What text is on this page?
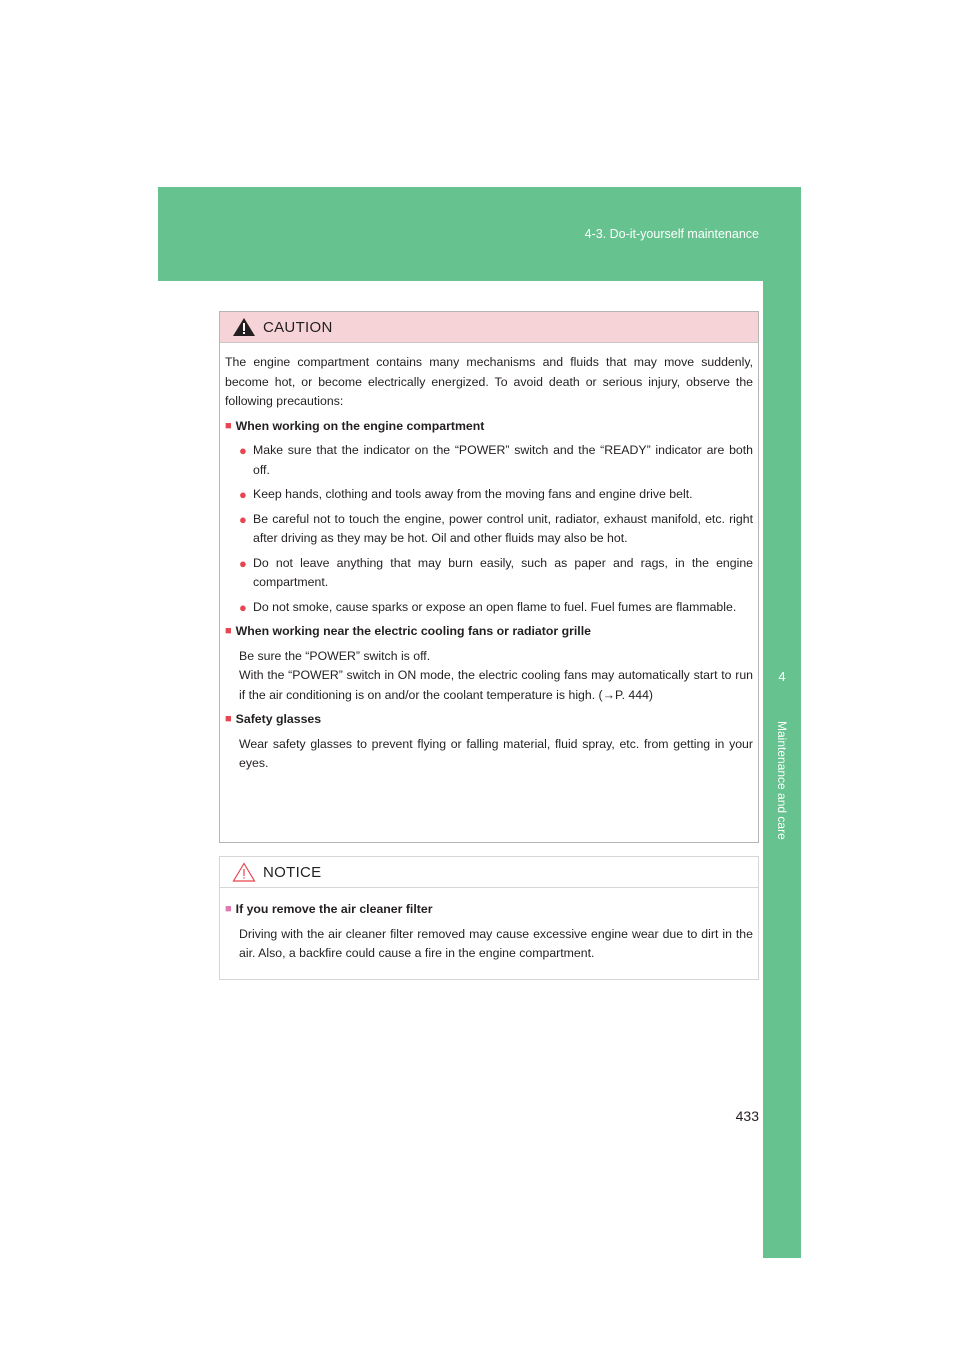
4-3. Do-it-yourself maintenance
4
Maintenance and care
CAUTION

The engine compartment contains many mechanisms and fluids that may move suddenly, become hot, or become electrically energized. To avoid death or serious injury, observe the following precautions:

■ When working on the engine compartment
● Make sure that the indicator on the “POWER” switch and the “READY” indicator are both off.
● Keep hands, clothing and tools away from the moving fans and engine drive belt.
● Be careful not to touch the engine, power control unit, radiator, exhaust manifold, etc. right after driving as they may be hot. Oil and other fluids may also be hot.
● Do not leave anything that may burn easily, such as paper and rags, in the engine compartment.
● Do not smoke, cause sparks or expose an open flame to fuel. Fuel fumes are flammable.
■ When working near the electric cooling fans or radiator grille

Be sure the “POWER” switch is off.

With the “POWER” switch in ON mode, the electric cooling fans may automatically start to run if the air conditioning is on and/or the coolant temperature is high. (→P. 444)

■ Safety glasses

Wear safety glasses to prevent flying or falling material, fluid spray, etc. from getting in your eyes.

NOTICE
■ If you remove the air cleaner filter

Driving with the air cleaner filter removed may cause excessive engine wear due to dirt in the air. Also, a backfire could cause a fire in the engine compartment.

433
